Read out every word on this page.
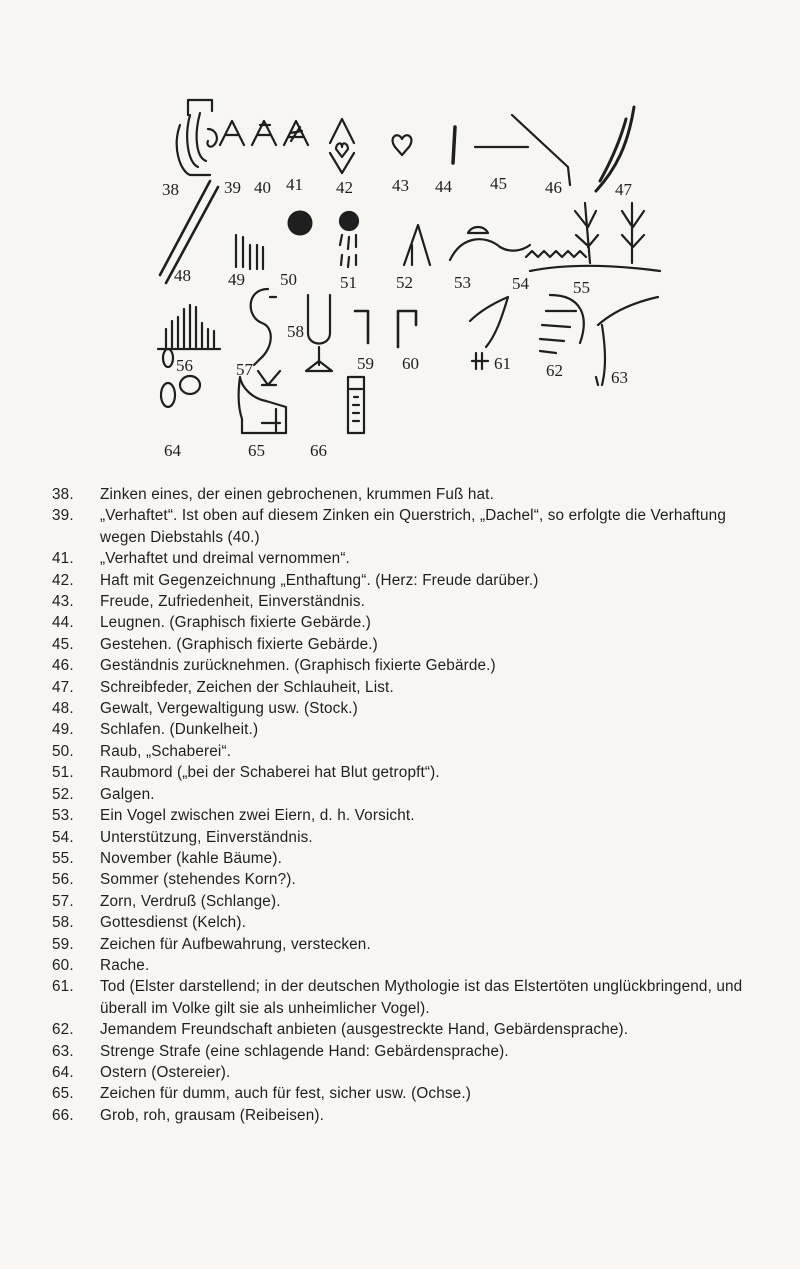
38	39 40 41 42 43 44 45 46	47
48 49 50	51 52 53 54	55
56	57
58
59 60	61 62	63
64	65	66
38.	Zinken eines, der einen gebrochenen, krummen Fuß hat.
39.	„Verhaftet“. Ist oben auf diesem Zinken ein Querstrich, „Dachel“, so erfolgte die Verhaftung wegen Diebstahls (40.)
41.	„Verhaftet und dreimal vernommen“.
42.	Haft mit Gegenzeichnung „Enthaftung“. (Herz: Freude darüber.)
43.	Freude, Zufriedenheit, Einverständnis.
44.	Leugnen. (Graphisch fixierte Gebärde.)
45.	Gestehen. (Graphisch fixierte Gebärde.)
46.	Geständnis zurücknehmen. (Graphisch fixierte Gebärde.)
47.	Schreibfeder, Zeichen der Schlauheit, List.
48.	Gewalt, Vergewaltigung usw. (Stock.)
49.	Schlafen. (Dunkelheit.)
50.	Raub, „Schaberei“.
51.	Raubmord („bei der Schaberei hat Blut getropft“).
52.	Galgen.
53.	Ein Vogel zwischen zwei Eiern, d. h. Vorsicht.
54.	Unterstützung, Einverständnis.
55.	November (kahle Bäume).
56.	Sommer (stehendes Korn?).
57.	Zorn, Verdruß (Schlange).
58.	Gottesdienst (Kelch).
59.	Zeichen für Aufbewahrung, verstecken.
60.	Rache.
61.	Tod (Elster darstellend; in der deutschen Mythologie ist das Elstertöten unglückbringend, und überall im Volke gilt sie als unheimlicher Vogel).
62.	Jemandem Freundschaft anbieten (ausgestreckte Hand, Gebärdensprache).
63.	Strenge Strafe (eine schlagende Hand: Gebärdensprache).
64.	Ostern (Ostereier).
65.	Zeichen für dumm, auch für fest, sicher usw. (Ochse.)
66.	Grob, roh, grausam (Reibeisen).
